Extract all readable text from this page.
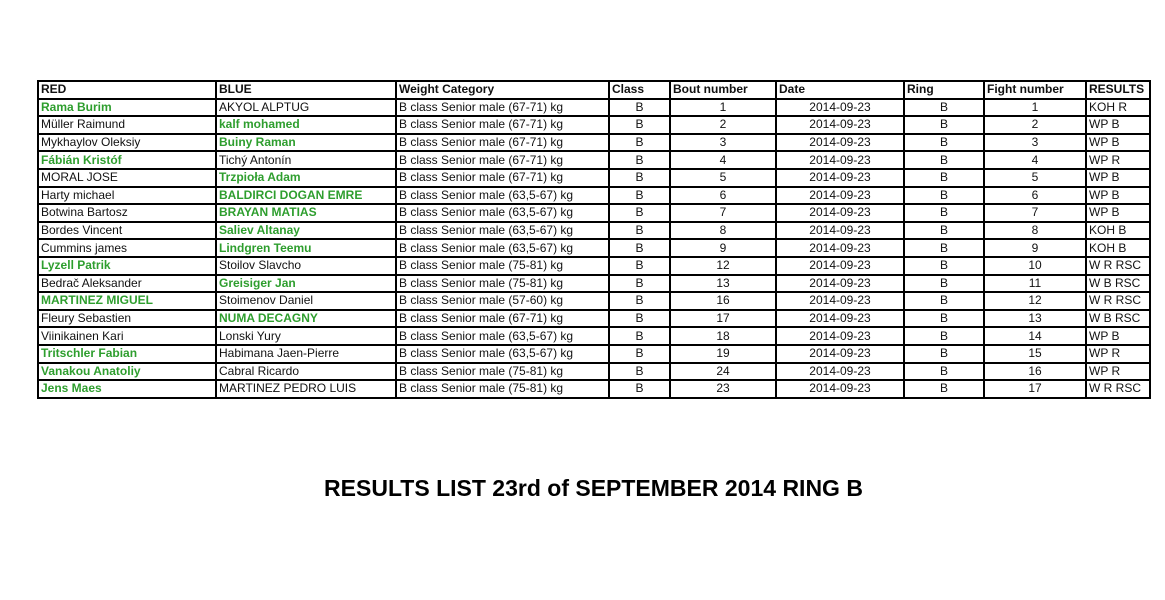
RED	BLUE	Weight Category	Class	Bout number	Date	Ring	Fight number	RESULTS
Rama Burim	AKYOL ALPTUG	B class Senior male (67-71) kg	B	1	2014-09-23	B	1	KOH R
Müller Raimund	kalf mohamed	B class Senior male (67-71) kg	B	2	2014-09-23	B	2	WP B
Mykhaylov Oleksiy	Buiny Raman	B class Senior male (67-71) kg	B	3	2014-09-23	B	3	WP B
Fábián Kristóf	Tichý Antonín	B class Senior male (67-71) kg	B	4	2014-09-23	B	4	WP R
MORAL JOSE	Trzpioła Adam	B class Senior male (67-71) kg	B	5	2014-09-23	B	5	WP B
Harty michael	BALDIRCI DOGAN EMRE	B class Senior male (63,5-67) kg	B	6	2014-09-23	B	6	WP B
Botwina Bartosz	BRAYAN MATIAS	B class Senior male (63,5-67) kg	B	7	2014-09-23	B	7	WP B
Bordes Vincent	Saliev Altanay	B class Senior male (63,5-67) kg	B	8	2014-09-23	B	8	KOH B
Cummins james	Lindgren Teemu	B class Senior male (63,5-67) kg	B	9	2014-09-23	B	9	KOH B
Lyzell Patrik	Stoilov Slavcho	B class Senior male (75-81) kg	B	12	2014-09-23	B	10	W R RSC
Bedrač Aleksander	Greisiger Jan	B class Senior male (75-81) kg	B	13	2014-09-23	B	11	W B RSC
MARTINEZ MIGUEL	Stoimenov Daniel	B class Senior male (57-60) kg	B	16	2014-09-23	B	12	W R RSC
Fleury Sebastien	NUMA DECAGNY	B class Senior male (67-71) kg	B	17	2014-09-23	B	13	W B RSC
Viinikainen Kari	Lonski Yury	B class Senior male (63,5-67) kg	B	18	2014-09-23	B	14	WP B
Tritschler Fabian	Habimana Jaen-Pierre	B class Senior male (63,5-67) kg	B	19	2014-09-23	B	15	WP R
Vanakou Anatoliy	Cabral Ricardo	B class Senior male (75-81) kg	B	24	2014-09-23	B	16	WP R
Jens Maes	MARTINEZ PEDRO LUIS	B class Senior male (75-81) kg	B	23	2014-09-23	B	17	W R RSC
RESULTS LIST 23rd of SEPTEMBER 2014 RING B
